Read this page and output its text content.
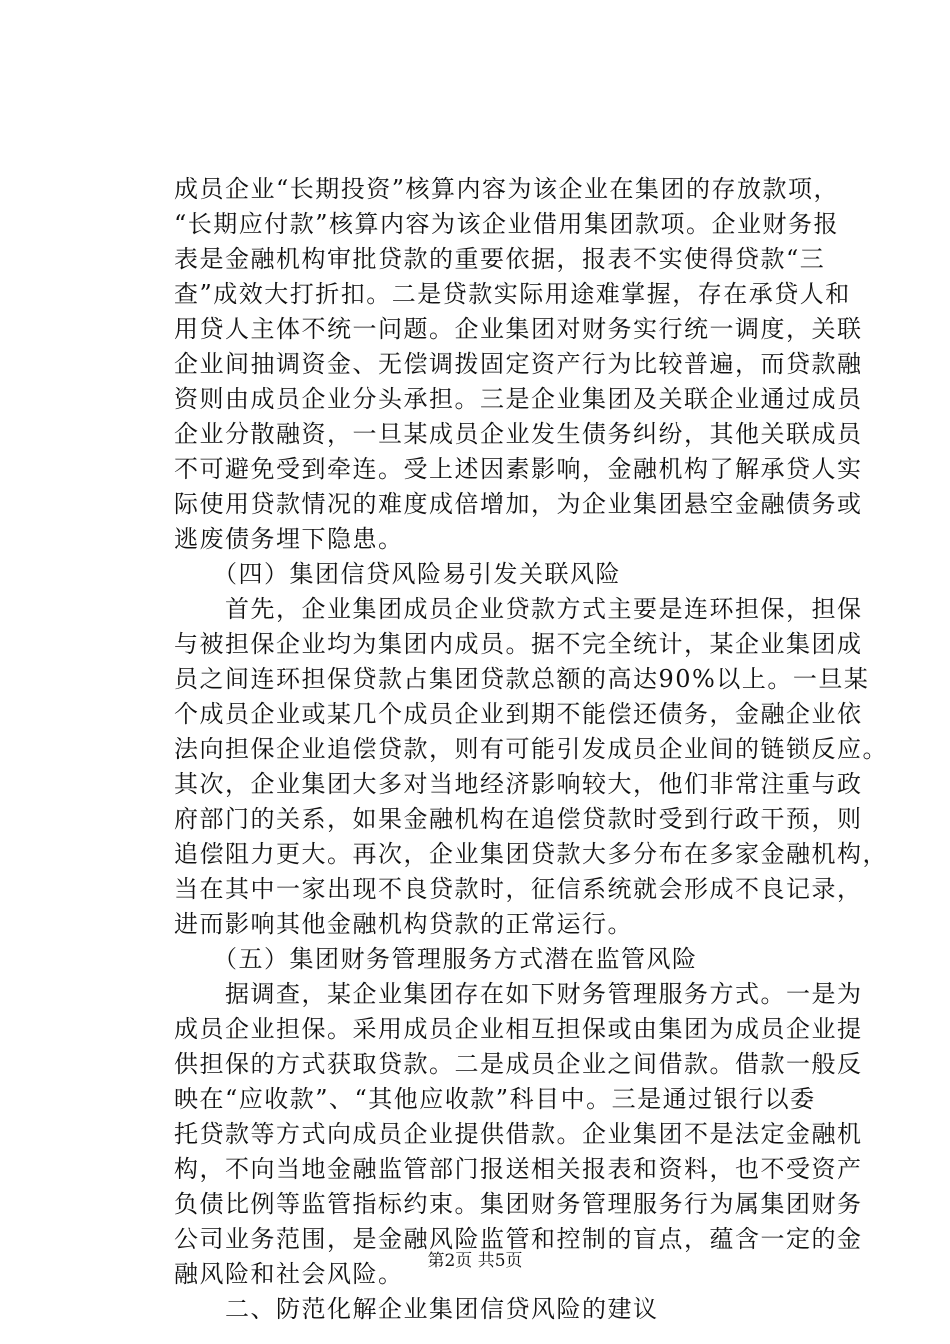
成员企业“长期投资”核算内容为该企业在集团的存放款项，
“长期应付款”核算内容为该企业借用集团款项。企业财务报
表是金融机构审批贷款的重要依据，报表不实使得贷款“三
查”成效大打折扣。二是贷款实际用途难掌握，存在承贷人和
用贷人主体不统一问题。企业集团对财务实行统一调度，关联
企业间抽调资金、无偿调拨固定资产行为比较普遍，而贷款融
资则由成员企业分头承担。三是企业集团及关联企业通过成员
企业分散融资，一旦某成员企业发生债务纠纷，其他关联成员
不可避免受到牵连。受上述因素影响，金融机构了解承贷人实
际使用贷款情况的难度成倍增加，为企业集团悬空金融债务或
逃废债务埋下隐患。
　　（四）集团信贷风险易引发关联风险
　　首先，企业集团成员企业贷款方式主要是连环担保，担保
与被担保企业均为集团内成员。据不完全统计，某企业集团成
员之间连环担保贷款占集团贷款总额的高达90%以上。一旦某
个成员企业或某几个成员企业到期不能偿还债务，金融企业依
法向担保企业追偿贷款，则有可能引发成员企业间的链锁反应。
其次，企业集团大多对当地经济影响较大，他们非常注重与政
府部门的关系，如果金融机构在追偿贷款时受到行政干预，则
追偿阻力更大。再次，企业集团贷款大多分布在多家金融机构，
当在其中一家出现不良贷款时，征信系统就会形成不良记录，
进而影响其他金融机构贷款的正常运行。
　　（五）集团财务管理服务方式潜在监管风险
　　据调查，某企业集团存在如下财务管理服务方式。一是为
成员企业担保。采用成员企业相互担保或由集团为成员企业提
供担保的方式获取贷款。二是成员企业之间借款。借款一般反
映在“应收款”、“其他应收款”科目中。三是通过银行以委
托贷款等方式向成员企业提供借款。企业集团不是法定金融机
构，不向当地金融监管部门报送相关报表和资料，也不受资产
负债比例等监管指标约束。集团财务管理服务行为属集团财务
公司业务范围，是金融风险监管和控制的盲点，蕴含一定的金
融风险和社会风险。
　　二、防范化解企业集团信贷风险的建议
第2页 共5页
